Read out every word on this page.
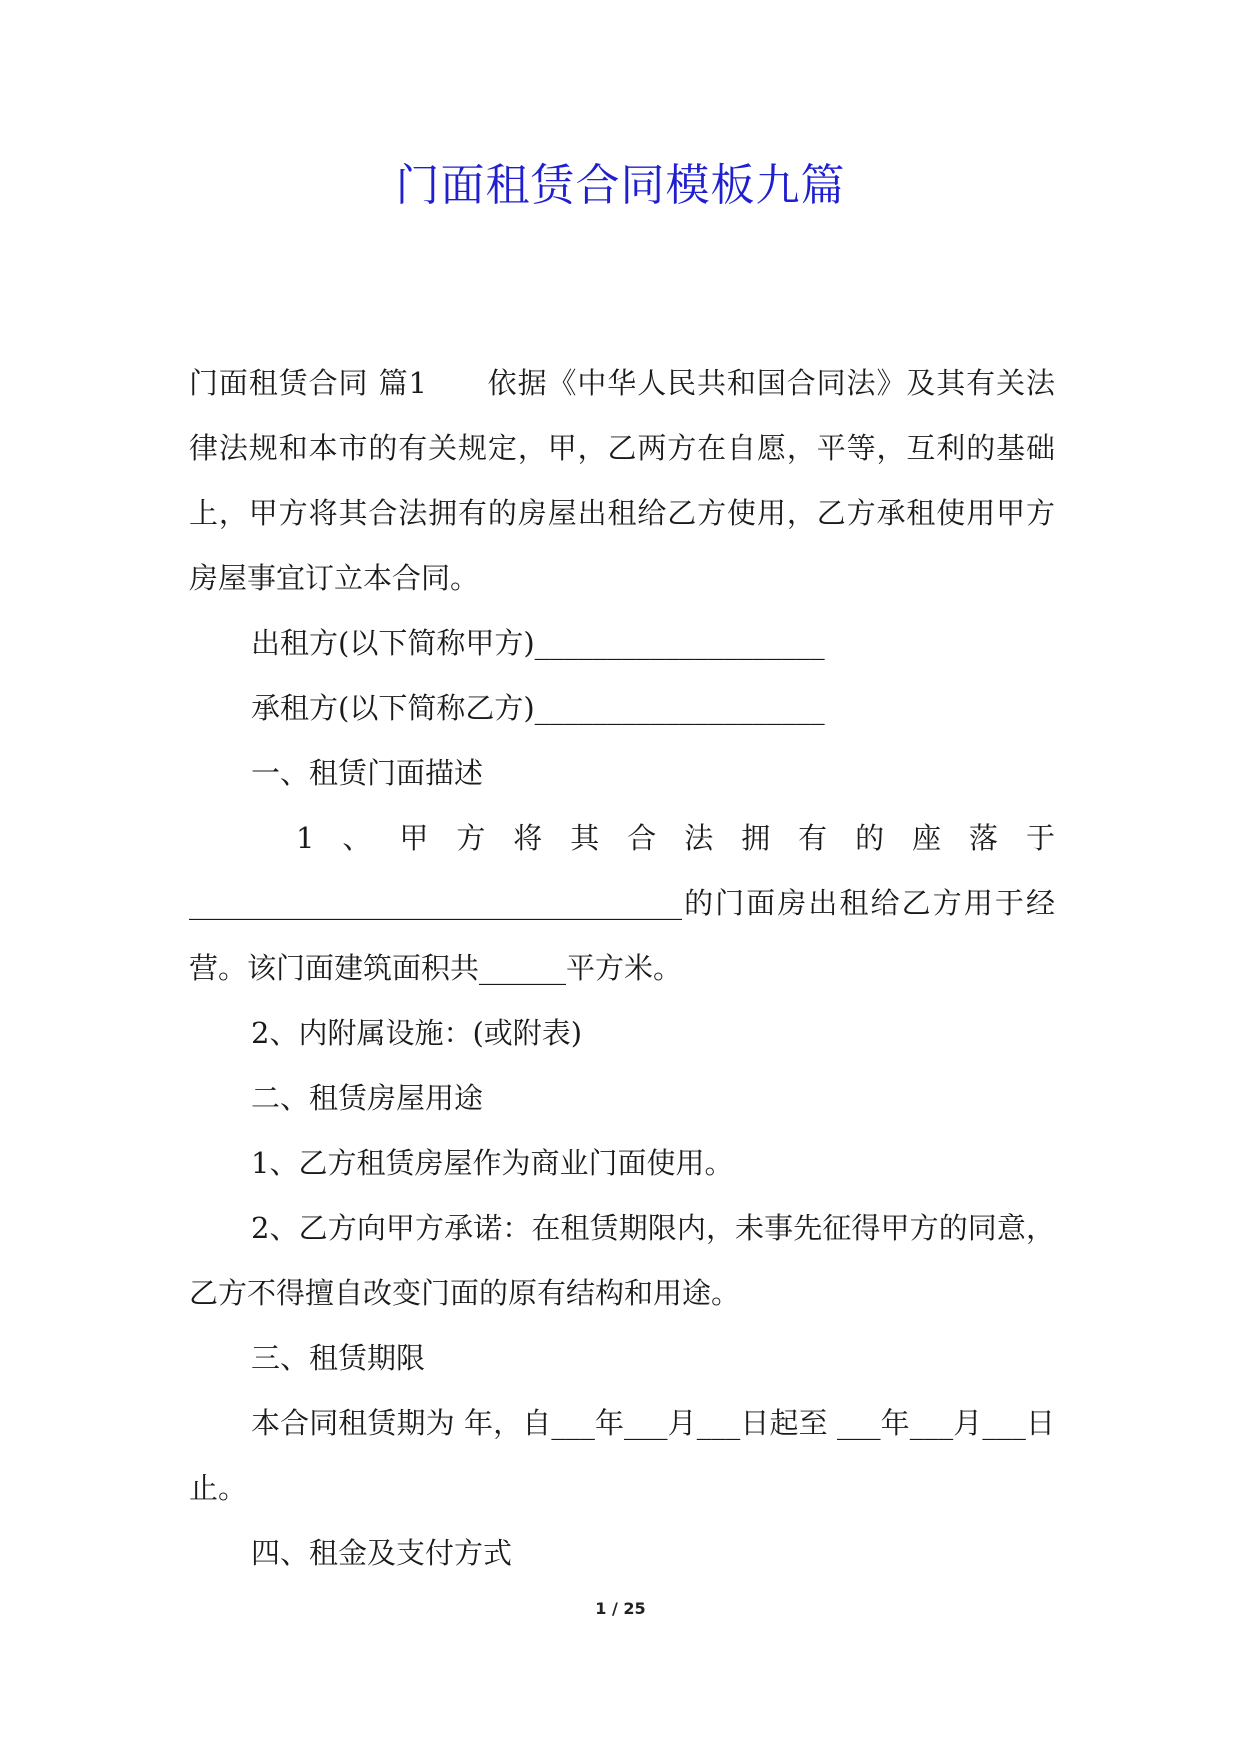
门面租赁合同模板九篇

门面租赁合同 篇1　　依据《中华人民共和国合同法》及其有关法律法规和本市的有关规定，甲，乙两方在自愿，平等，互利的基础上，甲方将其合法拥有的房屋出租给乙方使用，乙方承租使用甲方房屋事宜订立本合同。

出租方(以下简称甲方)____________________

承租方(以下简称乙方)____________________

一、租赁门面描述

1、甲方将其合法拥有的座落于

__________________________________的门面房出租给乙方用于经营。该门面建筑面积共______平方米。

2、内附属设施：(或附表)

二、租赁房屋用途

1、乙方租赁房屋作为商业门面使用。

2、乙方向甲方承诺：在租赁期限内，未事先征得甲方的同意，乙方不得擅自改变门面的原有结构和用途。

三、租赁期限

本合同租赁期为 年，自___年___月___日起至 ___年___月___日止。

四、租金及支付方式

1 / 25
